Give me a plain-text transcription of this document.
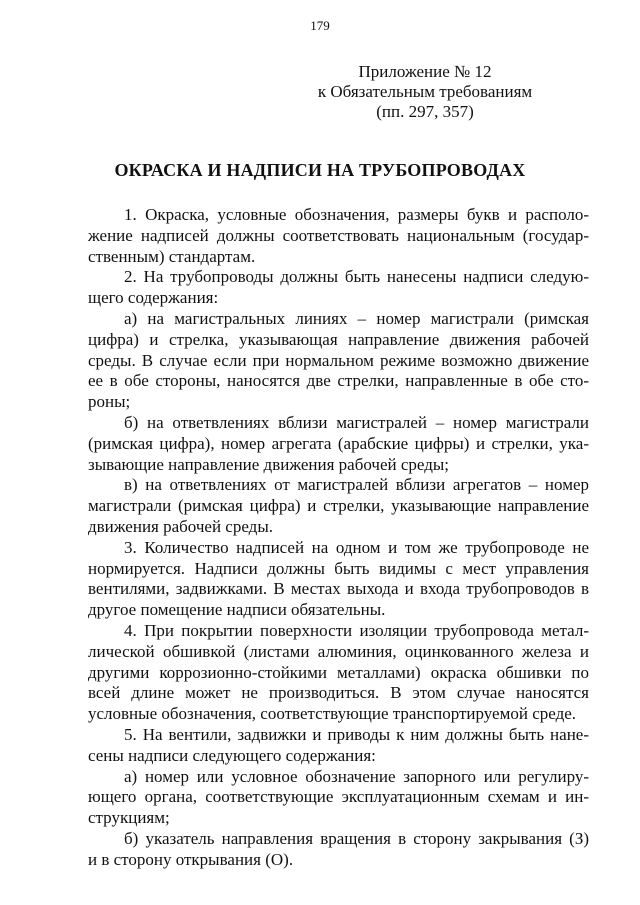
179
Приложение № 12
к Обязательным требованиям
(пп. 297, 357)
ОКРАСКА И НАДПИСИ НА ТРУБОПРОВОДАХ

1. Окраска, условные обозначения, размеры букв и располо-
жение надписей должны соответствовать национальным (государ-
ственным) стандартам.

2. На трубопроводы должны быть нанесены надписи следую-
щего содержания:

а) на магистральных линиях – номер магистрали (римская
цифра) и стрелка, указывающая направление движения рабочей
среды. В случае если при нормальном режиме возможно движение
ее в обе стороны, наносятся две стрелки, направленные в обе сто-
роны;

б) на ответвлениях вблизи магистралей – номер магистрали
(римская цифра), номер агрегата (арабские цифры) и стрелки, ука-
зывающие направление движения рабочей среды;

в) на ответвлениях от магистралей вблизи агрегатов – номер
магистрали (римская цифра) и стрелки, указывающие направление
движения рабочей среды.

3. Количество надписей на одном и том же трубопроводе не
нормируется. Надписи должны быть видимы с мест управления
вентилями, задвижками. В местах выхода и входа трубопроводов в
другое помещение надписи обязательны.

4. При покрытии поверхности изоляции трубопровода метал-
лической обшивкой (листами алюминия, оцинкованного железа и
другими коррозионно-стойкими металлами) окраска обшивки по
всей длине может не производиться. В этом случае наносятся
условные обозначения, соответствующие транспортируемой среде.

5. На вентили, задвижки и приводы к ним должны быть нане-
сены надписи следующего содержания:

а) номер или условное обозначение запорного или регулиру-
ющего органа, соответствующие эксплуатационным схемам и ин-
струкциям;

б) указатель направления вращения в сторону закрывания (З)
и в сторону открывания (О).
